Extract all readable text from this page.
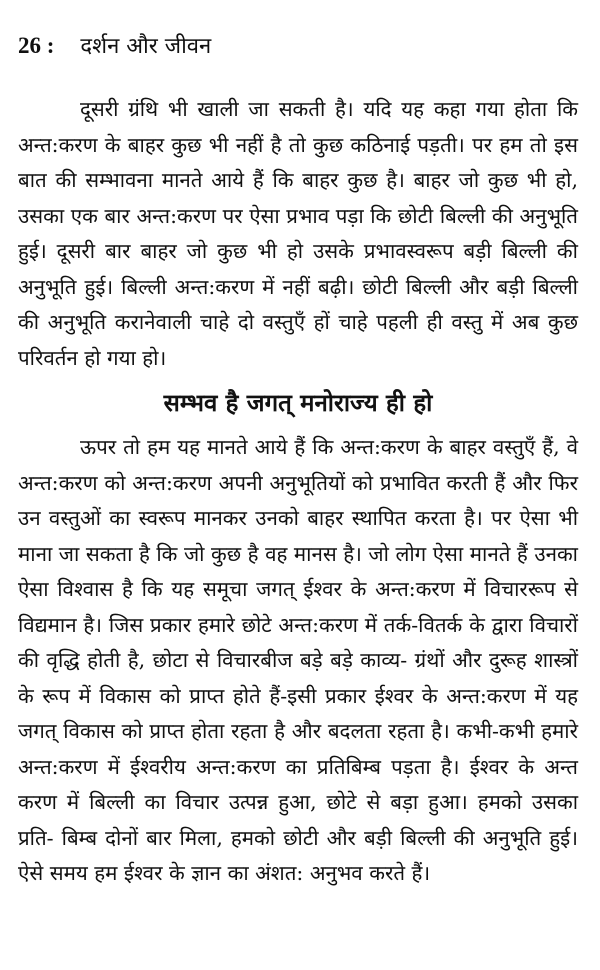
26 : दर्शन और जीवन

दूसरी ग्रंथि भी खाली जा सकती है। यदि यह कहा गया होता कि अन्त:करण के बाहर कुछ भी नहीं है तो कुछ कठिनाई पड़ती। पर हम तो इस बात की सम्भावना मानते आये हैं कि बाहर कुछ है। बाहर जो कुछ भी हो, उसका एक बार अन्त:करण पर ऐसा प्रभाव पड़ा कि छोटी बिल्ली की अनुभूति हुई। दूसरी बार बाहर जो कुछ भी हो उसके प्रभावस्वरूप बड़ी बिल्ली की अनुभूति हुई। बिल्ली अन्त:करण में नहीं बढ़ी। छोटी बिल्ली और बड़ी बिल्ली की अनुभूति करानेवाली चाहे दो वस्तुएँ हों चाहे पहली ही वस्तु में अब कुछ परिवर्तन हो गया हो।

सम्भव है जगत् मनोराज्य ही हो

ऊपर तो हम यह मानते आये हैं कि अन्त:करण के बाहर वस्तुएँ हैं, वे अन्त:करण को अन्त:करण अपनी अनुभूतियों को प्रभावित करती हैं और फिर उन वस्तुओं का स्वरूप मानकर उनको बाहर स्थापित करता है। पर ऐसा भी माना जा सकता है कि जो कुछ है वह मानस है। जो लोग ऐसा मानते हैं उनका ऐसा विश्वास है कि यह समूचा जगत् ईश्वर के अन्त:करण में विचाररूप से विद्यमान है। जिस प्रकार हमारे छोटे अन्त:करण में तर्क-वितर्क के द्वारा विचारों की वृद्धि होती है, छोटा से विचारबीज बड़े बड़े काव्य- ग्रंथों और दुरूह शास्त्रों के रूप में विकास को प्राप्त होते हैं-इसी प्रकार ईश्वर के अन्त:करण में यह जगत् विकास को प्राप्त होता रहता है और बदलता रहता है। कभी-कभी हमारे अन्त:करण में ईश्वरीय अन्त:करण का प्रतिबिम्ब पड़ता है। ईश्वर के अन्त करण में बिल्ली का विचार उत्पन्न हुआ, छोटे से बड़ा हुआ। हमको उसका प्रति- बिम्ब दोनों बार मिला, हमको छोटी और बड़ी बिल्ली की अनुभूति हुई। ऐसे समय हम ईश्वर के ज्ञान का अंशत: अनुभव करते हैं।
